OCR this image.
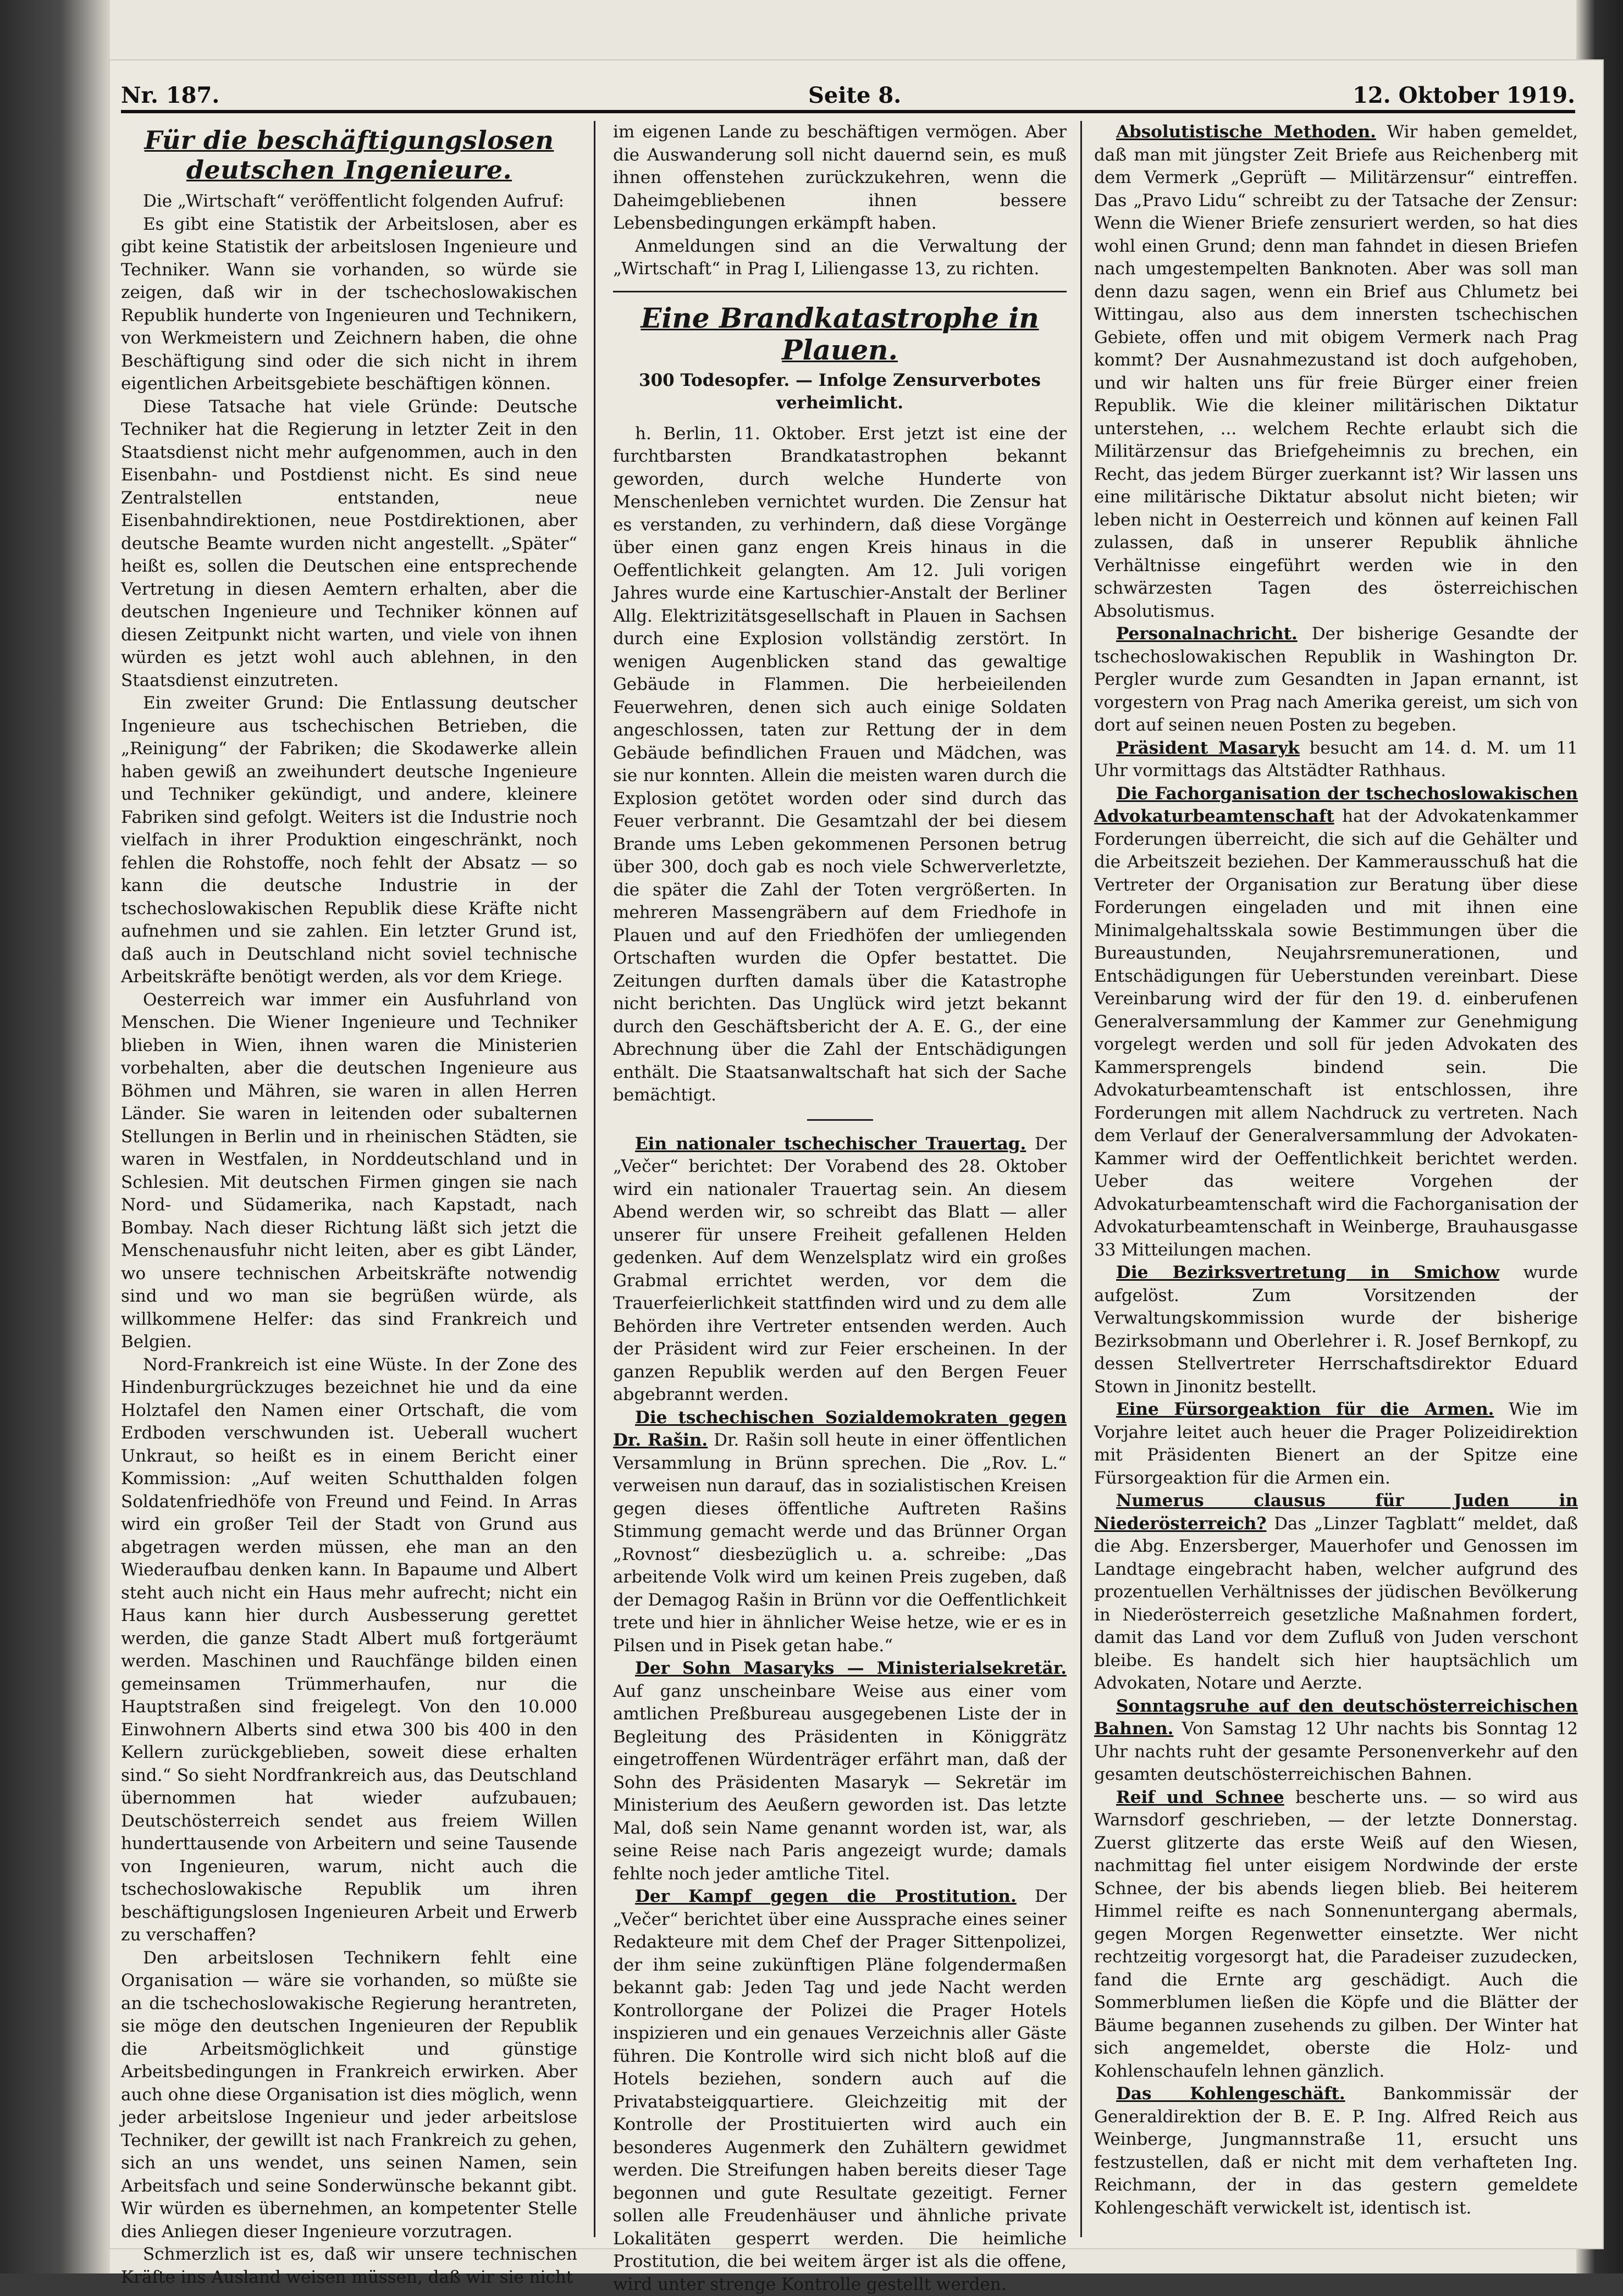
Nr. 187.	Seite 8.	12. Oktober 1919.
Für die beschäftigungslosen deutschen Ingenieure.

Die „Wirtschaft“ veröffentlicht folgenden Aufruf:

Es gibt eine Statistik der Arbeitslosen, aber es gibt keine Statistik der arbeitslosen Ingenieure und Techniker. Wann sie vorhanden, so würde sie zeigen, daß wir in der tschechoslowakischen Republik hunderte von Ingenieuren und Technikern, von Werkmeistern und Zeichnern haben, die ohne Beschäftigung sind oder die sich nicht in ihrem eigentlichen Arbeitsgebiete beschäftigen können.

Diese Tatsache hat viele Gründe: Deutsche Techniker hat die Regierung in letzter Zeit in den Staatsdienst nicht mehr aufgenommen, auch in den Eisenbahn- und Postdienst nicht. Es sind neue Zentralstellen entstanden, neue Eisenbahndirektionen, neue Postdirektionen, aber deutsche Beamte wurden nicht angestellt. „Später“ heißt es, sollen die Deutschen eine entsprechende Vertretung in diesen Aemtern erhalten, aber die deutschen Ingenieure und Techniker können auf diesen Zeitpunkt nicht warten, und viele von ihnen würden es jetzt wohl auch ablehnen, in den Staatsdienst einzutreten.

Ein zweiter Grund: Die Entlassung deutscher Ingenieure aus tschechischen Betrieben, die „Reinigung“ der Fabriken; die Skodawerke allein haben gewiß an zweihundert deutsche Ingenieure und Techniker gekündigt, und andere, kleinere Fabriken sind gefolgt. Weiters ist die Industrie noch vielfach in ihrer Produktion eingeschränkt, noch fehlen die Rohstoffe, noch fehlt der Absatz — so kann die deutsche Industrie in der tschechoslowakischen Republik diese Kräfte nicht aufnehmen und sie zahlen. Ein letzter Grund ist, daß auch in Deutschland nicht soviel technische Arbeitskräfte benötigt werden, als vor dem Kriege.

Oesterreich war immer ein Ausfuhrland von Menschen. Die Wiener Ingenieure und Techniker blieben in Wien, ihnen waren die Ministerien vorbehalten, aber die deutschen Ingenieure aus Böhmen und Mähren, sie waren in allen Herren Länder. Sie waren in leitenden oder subalternen Stellungen in Berlin und in rheinischen Städten, sie waren in Westfalen, in Norddeutschland und in Schlesien. Mit deutschen Firmen gingen sie nach Nord- und Südamerika, nach Kapstadt, nach Bombay. Nach dieser Richtung läßt sich jetzt die Menschenausfuhr nicht leiten, aber es gibt Länder, wo unsere technischen Arbeitskräfte notwendig sind und wo man sie begrüßen würde, als willkommene Helfer: das sind Frankreich und Belgien.

Nord-Frankreich ist eine Wüste. In der Zone des Hindenburgrückzuges bezeichnet hie und da eine Holztafel den Namen einer Ortschaft, die vom Erdboden verschwunden ist. Ueberall wuchert Unkraut, so heißt es in einem Bericht einer Kommission: „Auf weiten Schutthalden folgen Soldatenfriedhöfe von Freund und Feind. In Arras wird ein großer Teil der Stadt von Grund aus abgetragen werden müssen, ehe man an den Wiederaufbau denken kann. In Bapaume und Albert steht auch nicht ein Haus mehr aufrecht; nicht ein Haus kann hier durch Ausbesserung gerettet werden, die ganze Stadt Albert muß fortgeräumt werden. Maschinen und Rauchfänge bilden einen gemeinsamen Trümmerhaufen, nur die Hauptstraßen sind freigelegt. Von den 10.000 Einwohnern Alberts sind etwa 300 bis 400 in den Kellern zurückgeblieben, soweit diese erhalten sind.“ So sieht Nordfrankreich aus, das Deutschland übernommen hat wieder aufzubauen; Deutschösterreich sendet aus freiem Willen hunderttausende von Arbeitern und seine Tausende von Ingenieuren, warum, nicht auch die tschechoslowakische Republik um ihren beschäftigungslosen Ingenieuren Arbeit und Erwerb zu verschaffen?

Den arbeitslosen Technikern fehlt eine Organisation — wäre sie vorhanden, so müßte sie an die tschechoslowakische Regierung herantreten, sie möge den deutschen Ingenieuren der Republik die Arbeitsmöglichkeit und günstige Arbeitsbedingungen in Frankreich erwirken. Aber auch ohne diese Organisation ist dies möglich, wenn jeder arbeitslose Ingenieur und jeder arbeitslose Techniker, der gewillt ist nach Frankreich zu gehen, sich an uns wendet, uns seinen Namen, sein Arbeitsfach und seine Sonderwünsche bekannt gibt. Wir würden es übernehmen, an kompetenter Stelle dies Anliegen dieser Ingenieure vorzutragen.

Schmerzlich ist es, daß wir unsere technischen Kräfte ins Ausland weisen müssen, daß wir sie nicht

im eigenen Lande zu beschäftigen vermögen. Aber die Auswanderung soll nicht dauernd sein, es muß ihnen offenstehen zurückzukehren, wenn die Daheimgebliebenen ihnen bessere Lebensbedingungen erkämpft haben.

Anmeldungen sind an die Verwaltung der „Wirtschaft“ in Prag I, Liliengasse 13, zu richten.

Eine Brandkatastrophe in Plauen.
300 Todesopfer. — Infolge Zensurverbotes verheimlicht.

h. Berlin, 11. Oktober. Erst jetzt ist eine der furchtbarsten Brandkatastrophen bekannt geworden, durch welche Hunderte von Menschenleben vernichtet wurden. Die Zensur hat es verstanden, zu verhindern, daß diese Vorgänge über einen ganz engen Kreis hinaus in die Oeffentlichkeit gelangten. Am 12. Juli vorigen Jahres wurde eine Kartuschier-Anstalt der Berliner Allg. Elektrizitätsgesellschaft in Plauen in Sachsen durch eine Explosion vollständig zerstört. In wenigen Augenblicken stand das gewaltige Gebäude in Flammen. Die herbeieilenden Feuerwehren, denen sich auch einige Soldaten angeschlossen, taten zur Rettung der in dem Gebäude befindlichen Frauen und Mädchen, was sie nur konnten. Allein die meisten waren durch die Explosion getötet worden oder sind durch das Feuer verbrannt. Die Gesamtzahl der bei diesem Brande ums Leben gekommenen Personen betrug über 300, doch gab es noch viele Schwerverletzte, die später die Zahl der Toten vergrößerten. In mehreren Massengräbern auf dem Friedhofe in Plauen und auf den Friedhöfen der umliegenden Ortschaften wurden die Opfer bestattet. Die Zeitungen durften damals über die Katastrophe nicht berichten. Das Unglück wird jetzt bekannt durch den Geschäftsbericht der A. E. G., der eine Abrechnung über die Zahl der Entschädigungen enthält. Die Staatsanwaltschaft hat sich der Sache bemächtigt.

Ein nationaler tschechischer Trauertag. Der „Večer“ berichtet: Der Vorabend des 28. Oktober wird ein nationaler Trauertag sein. An diesem Abend werden wir, so schreibt das Blatt — aller unserer für unsere Freiheit gefallenen Helden gedenken. Auf dem Wenzelsplatz wird ein großes Grabmal errichtet werden, vor dem die Trauerfeierlichkeit stattfinden wird und zu dem alle Behörden ihre Vertreter entsenden werden. Auch der Präsident wird zur Feier erscheinen. In der ganzen Republik werden auf den Bergen Feuer abgebrannt werden.

Die tschechischen Sozialdemokraten gegen Dr. Rašin. Dr. Rašin soll heute in einer öffentlichen Versammlung in Brünn sprechen. Die „Rov. L.“ verweisen nun darauf, das in sozialistischen Kreisen gegen dieses öffentliche Auftreten Rašins Stimmung gemacht werde und das Brünner Organ „Rovnost“ diesbezüglich u. a. schreibe: „Das arbeitende Volk wird um keinen Preis zugeben, daß der Demagog Rašin in Brünn vor die Oeffentlichkeit trete und hier in ähnlicher Weise hetze, wie er es in Pilsen und in Pisek getan habe.“

Der Sohn Masaryks — Ministerialsekretär. Auf ganz unscheinbare Weise aus einer vom amtlichen Preßbureau ausgegebenen Liste der in Begleitung des Präsidenten in Königgrätz eingetroffenen Würdenträger erfährt man, daß der Sohn des Präsidenten Masaryk — Sekretär im Ministerium des Aeußern geworden ist. Das letzte Mal, doß sein Name genannt worden ist, war, als seine Reise nach Paris angezeigt wurde; damals fehlte noch jeder amtliche Titel.

Der Kampf gegen die Prostitution. Der „Večer“ berichtet über eine Aussprache eines seiner Redakteure mit dem Chef der Prager Sittenpolizei, der ihm seine zukünftigen Pläne folgendermaßen bekannt gab: Jeden Tag und jede Nacht werden Kontrollorgane der Polizei die Prager Hotels inspizieren und ein genaues Verzeichnis aller Gäste führen. Die Kontrolle wird sich nicht bloß auf die Hotels beziehen, sondern auch auf die Privatabsteigquartiere. Gleichzeitig mit der Kontrolle der Prostituierten wird auch ein besonderes Augenmerk den Zuhältern gewidmet werden. Die Streifungen haben bereits dieser Tage begonnen und gute Resultate gezeitigt. Ferner sollen alle Freudenhäuser und ähnliche private Lokalitäten gesperrt werden. Die heimliche Prostitution, die bei weitem ärger ist als die offene, wird unter strenge Kontrolle gestellt werden.

Absolutistische Methoden. Wir haben gemeldet, daß man mit jüngster Zeit Briefe aus Reichenberg mit dem Vermerk „Geprüft — Militärzensur“ eintreffen. Das „Pravo Lidu“ schreibt zu der Tatsache der Zensur: Wenn die Wiener Briefe zensuriert werden, so hat dies wohl einen Grund; denn man fahndet in diesen Briefen nach umgestempelten Banknoten. Aber was soll man denn dazu sagen, wenn ein Brief aus Chlumetz bei Wittingau, also aus dem innersten tschechischen Gebiete, offen und mit obigem Vermerk nach Prag kommt? Der Ausnahmezustand ist doch aufgehoben, und wir halten uns für freie Bürger einer freien Republik. Wie die kleiner militärischen Diktatur unterstehen, ... welchem Rechte erlaubt sich die Militärzensur das Briefgeheimnis zu brechen, ein Recht, das jedem Bürger zuerkannt ist? Wir lassen uns eine militärische Diktatur absolut nicht bieten; wir leben nicht in Oesterreich und können auf keinen Fall zulassen, daß in unserer Republik ähnliche Verhältnisse eingeführt werden wie in den schwärzesten Tagen des österreichischen Absolutismus.

Personalnachricht. Der bisherige Gesandte der tschechoslowakischen Republik in Washington Dr. Pergler wurde zum Gesandten in Japan ernannt, ist vorgestern von Prag nach Amerika gereist, um sich von dort auf seinen neuen Posten zu begeben.

Präsident Masaryk besucht am 14. d. M. um 11 Uhr vormittags das Altstädter Rathhaus.

Die Fachorganisation der tschechoslowakischen Advokaturbeamtenschaft hat der Advokatenkammer Forderungen überreicht, die sich auf die Gehälter und die Arbeitszeit beziehen. Der Kammerausschuß hat die Vertreter der Organisation zur Beratung über diese Forderungen eingeladen und mit ihnen eine Minimalgehaltsskala sowie Bestimmungen über die Bureaustunden, Neujahrsremunerationen, und Entschädigungen für Ueberstunden vereinbart. Diese Vereinbarung wird der für den 19. d. einberufenen Generalversammlung der Kammer zur Genehmigung vorgelegt werden und soll für jeden Advokaten des Kammersprengels bindend sein. Die Advokaturbeamtenschaft ist entschlossen, ihre Forderungen mit allem Nachdruck zu vertreten. Nach dem Verlauf der Generalversammlung der Advokaten-Kammer wird der Oeffentlichkeit berichtet werden. Ueber das weitere Vorgehen der Advokaturbeamtenschaft wird die Fachorganisation der Advokaturbeamtenschaft in Weinberge, Brauhausgasse 33 Mitteilungen machen.

Die Bezirksvertretung in Smichow wurde aufgelöst. Zum Vorsitzenden der Verwaltungskommission wurde der bisherige Bezirksobmann und Oberlehrer i. R. Josef Bernkopf, zu dessen Stellvertreter Herrschaftsdirektor Eduard Stown in Jinonitz bestellt.

Eine Fürsorgeaktion für die Armen. Wie im Vorjahre leitet auch heuer die Prager Polizeidirektion mit Präsidenten Bienert an der Spitze eine Fürsorgeaktion für die Armen ein.

Numerus clausus für Juden in Niederösterreich? Das „Linzer Tagblatt“ meldet, daß die Abg. Enzersberger, Mauerhofer und Genossen im Landtage eingebracht haben, welcher aufgrund des prozentuellen Verhältnisses der jüdischen Bevölkerung in Niederösterreich gesetzliche Maßnahmen fordert, damit das Land vor dem Zufluß von Juden verschont bleibe. Es handelt sich hier hauptsächlich um Advokaten, Notare und Aerzte.

Sonntagsruhe auf den deutschösterreichischen Bahnen. Von Samstag 12 Uhr nachts bis Sonntag 12 Uhr nachts ruht der gesamte Personenverkehr auf den gesamten deutschösterreichischen Bahnen.

Reif und Schnee bescherte uns. — so wird aus Warnsdorf geschrieben, — der letzte Donnerstag. Zuerst glitzerte das erste Weiß auf den Wiesen, nachmittag fiel unter eisigem Nordwinde der erste Schnee, der bis abends liegen blieb. Bei heiterem Himmel reifte es nach Sonnenuntergang abermals, gegen Morgen Regenwetter einsetzte. Wer nicht rechtzeitig vorgesorgt hat, die Paradeiser zuzudecken, fand die Ernte arg geschädigt. Auch die Sommerblumen ließen die Köpfe und die Blätter der Bäume begannen zusehends zu gilben. Der Winter hat sich angemeldet, oberste die Holz- und Kohlenschaufeln lehnen gänzlich.

Das Kohlengeschäft. Bankommissär der Generaldirektion der B. E. P. Ing. Alfred Reich aus Weinberge, Jungmannstraße 11, ersucht uns festzustellen, daß er nicht mit dem verhafteten Ing. Reichmann, der in das gestern gemeldete Kohlengeschäft verwickelt ist, identisch ist.
